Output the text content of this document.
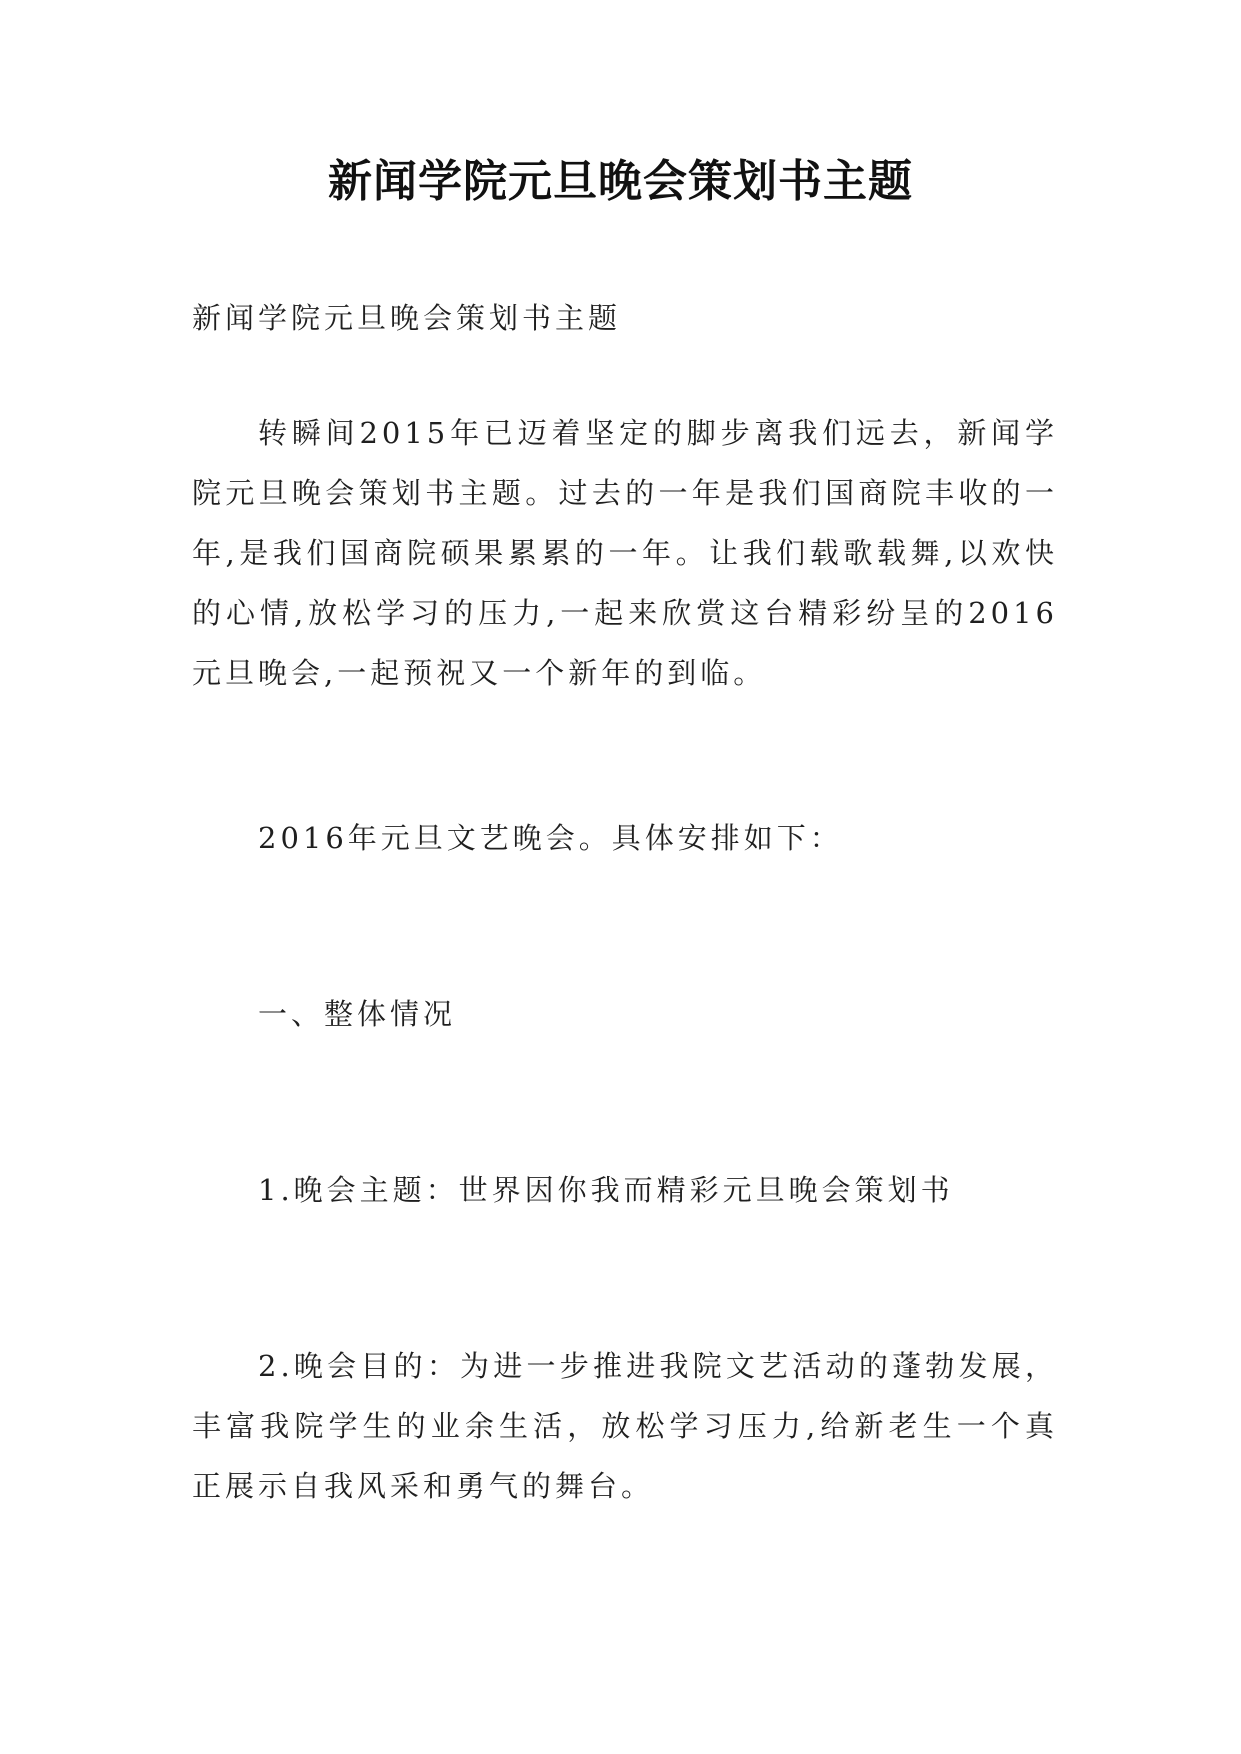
新闻学院元旦晚会策划书主题

新闻学院元旦晚会策划书主题

转瞬间2015年已迈着坚定的脚步离我们远去，新闻学院元旦晚会策划书主题。过去的一年是我们国商院丰收的一年,是我们国商院硕果累累的一年。让我们载歌载舞,以欢快的心情,放松学习的压力,一起来欣赏这台精彩纷呈的2016元旦晚会,一起预祝又一个新年的到临。

2016年元旦文艺晚会。具体安排如下：

一、整体情况

1.晚会主题：世界因你我而精彩元旦晚会策划书

2.晚会目的：为进一步推进我院文艺活动的蓬勃发展，丰富我院学生的业余生活，放松学习压力,给新老生一个真正展示自我风采和勇气的舞台。
